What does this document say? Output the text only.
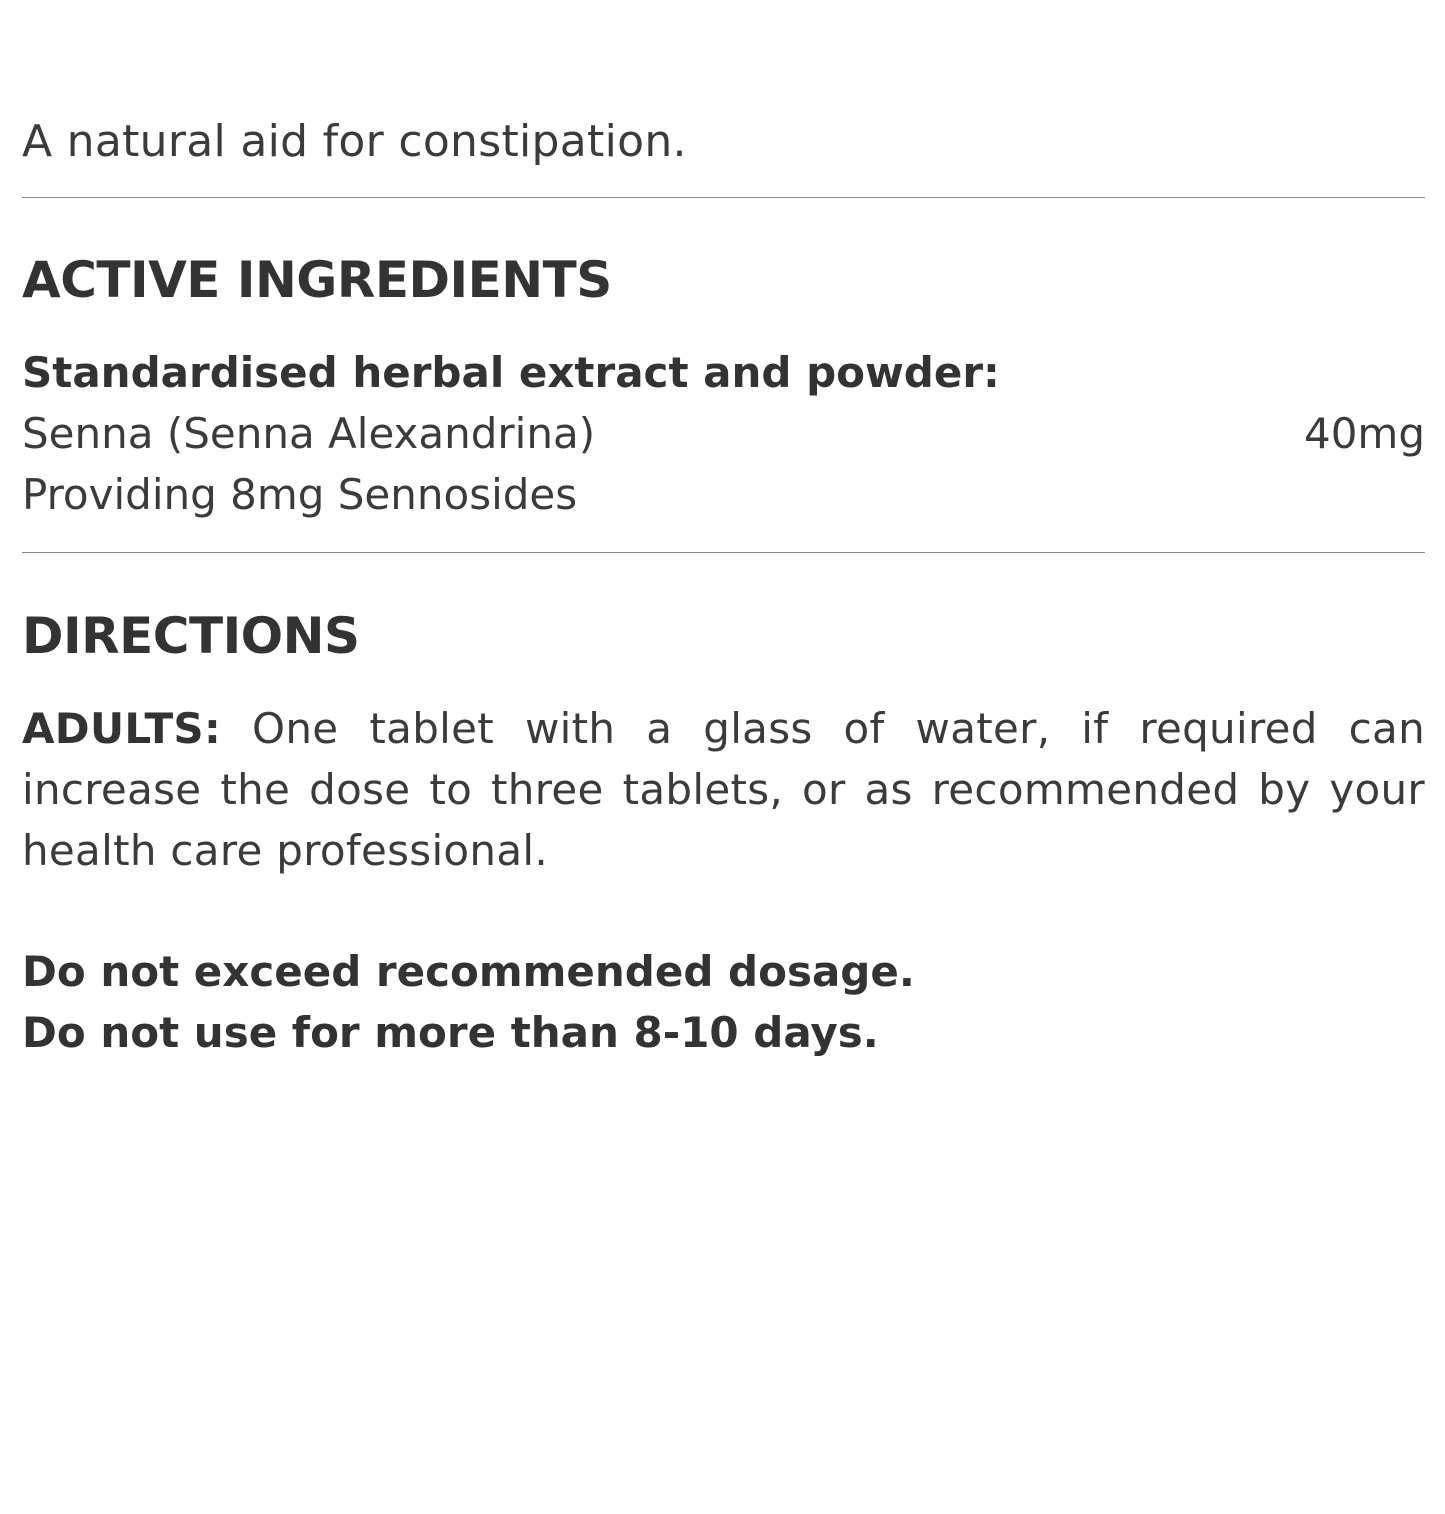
A natural aid for constipation.
ACTIVE INGREDIENTS
Standardised herbal extract and powder:
Senna (Senna Alexandrina)	40mg
Providing 8mg Sennosides
DIRECTIONS
ADULTS: One tablet with a glass of water, if required can increase the dose to three tablets, or as recommended by your health care professional.
Do not exceed recommended dosage.
Do not use for more than 8-10 days.
